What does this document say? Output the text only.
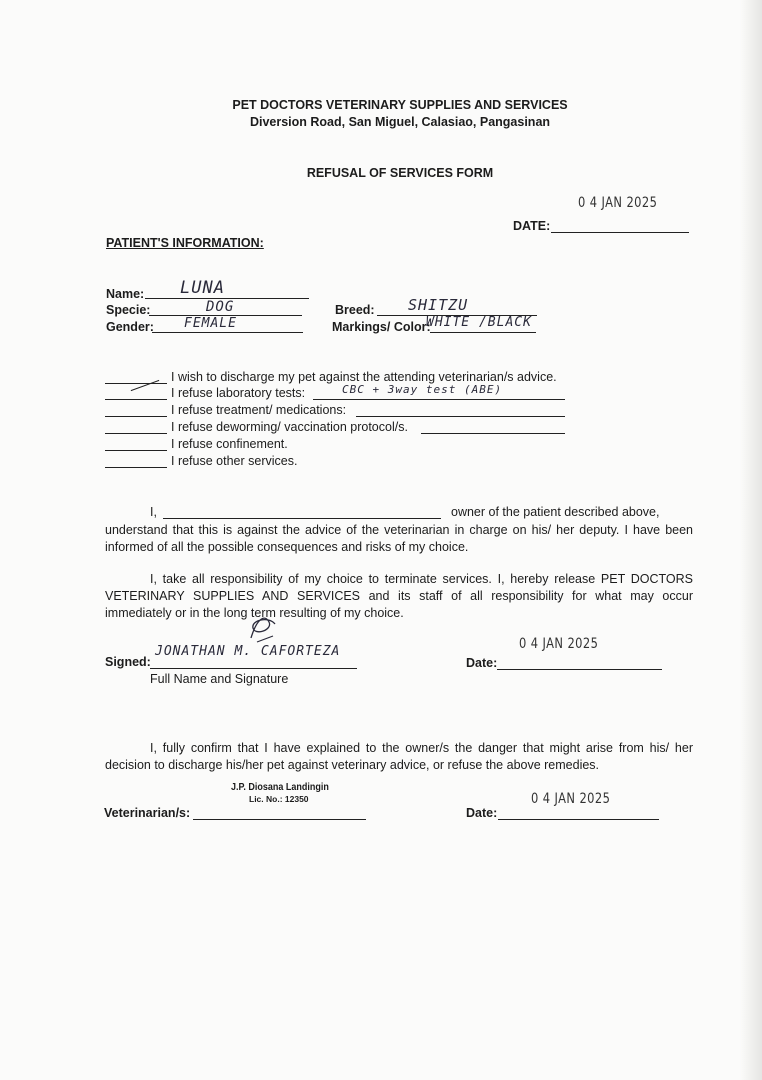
PET DOCTORS VETERINARY SUPPLIES AND SERVICES
Diversion Road, San Miguel, Calasiao, Pangasinan
REFUSAL OF SERVICES FORM
0 4 JAN 2025
DATE:
PATIENT'S INFORMATION:
Name: LUNA
Specie:	DOG
Gender: FEMALE
Breed: SHITZU
Markings/ Color:
WHITE /BLACK
I wish to discharge my pet against the attending veterinarian/s advice.
I refuse laboratory tests:	CBC + 3way test (ABE)
I refuse treatment/ medications:
I refuse deworming/ vaccination protocol/s.
I refuse confinement.
I refuse other services.
I,	owner of the patient described above,
understand that this is against the advice of the veterinarian in charge on his/ her deputy. I have been informed of all the possible consequences and risks of my choice.
I, take all responsibility of my choice to terminate services. I, hereby release PET DOCTORS VETERINARY SUPPLIES AND SERVICES and its staff of all responsibility for what may occur immediately or in the long term resulting of my choice.
Signed:
JONATHAN M. CAFORTEZA
Full Name and Signature
0 4 JAN 2025
Date:
I, fully confirm that I have explained to the owner/s the danger that might arise from his/ her decision to discharge his/her pet against veterinary advice, or refuse the above remedies.
J.P. Diosana Landingin
Lic. No.: 12350
Veterinarian/s:
0 4 JAN 2025
Date:
